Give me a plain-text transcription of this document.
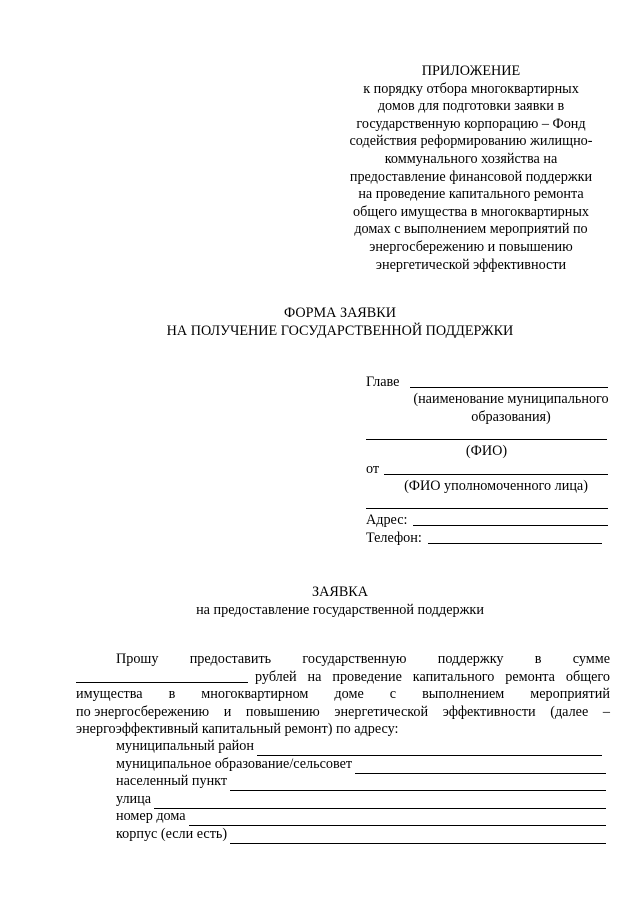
ПРИЛОЖЕНИЕ
к порядку отбора многоквартирных
домов для подготовки заявки в
государственную корпорацию – Фонд
содействия реформированию жилищно-
коммунального хозяйства на
предоставление финансовой поддержки
на проведение капитального ремонта
общего имущества в многоквартирных
домах с выполнением мероприятий по
энергосбережению и повышению
энергетической эффективности
ФОРМА ЗАЯВКИ
НА ПОЛУЧЕНИЕ ГОСУДАРСТВЕННОЙ ПОДДЕРЖКИ
Главе
(наименование муниципального
образования)
(ФИО)
от
(ФИО уполномоченного лица)
Адрес:
Телефон:
ЗАЯВКА
на предоставление государственной поддержки
Прошу предоставить государственную поддержку в сумме
рублей на проведение капитального ремонта общего
имущества в многоквартирном доме с выполнением мероприятий
по энергосбережению и повышению энергетической эффективности (далее –
энергоэффективный капитальный ремонт) по адресу:
муниципальный район
муниципальное образование/сельсовет
населенный пункт
улица
номер дома
корпус (если есть)
